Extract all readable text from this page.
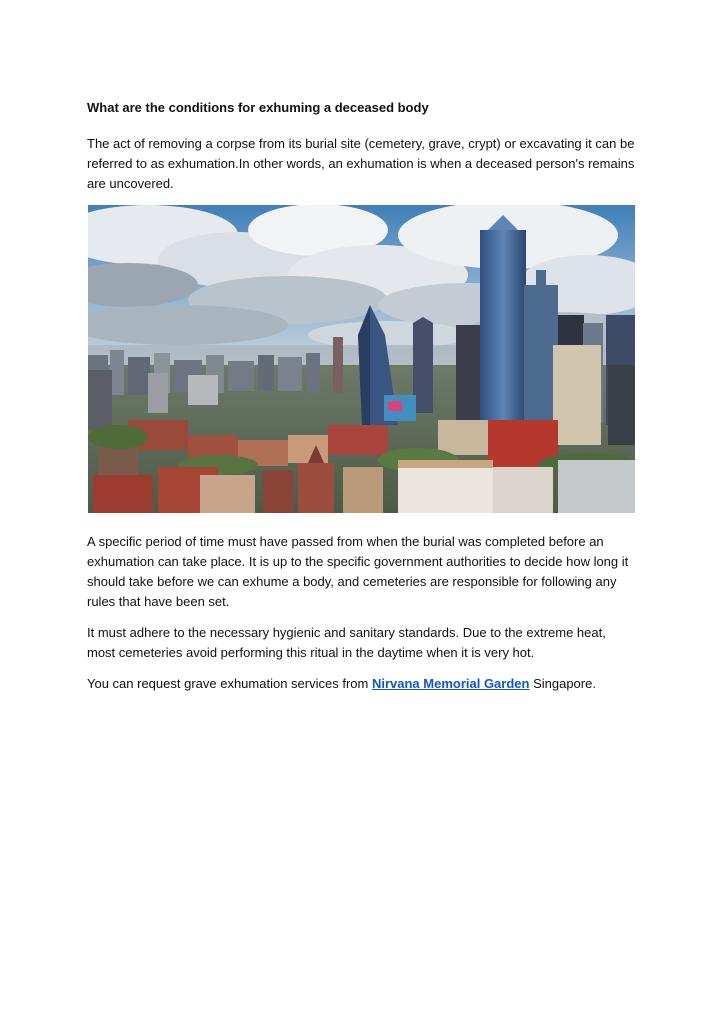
What are the conditions for exhuming a deceased body

The act of removing a corpse from its burial site (cemetery, grave, crypt) or excavating it can be referred to as exhumation.In other words, an exhumation is when a deceased person's remains are uncovered.

A specific period of time must have passed from when the burial was completed before an exhumation can take place. It is up to the specific government authorities to decide how long it should take before we can exhume a body, and cemeteries are responsible for following any rules that have been set.

It must adhere to the necessary hygienic and sanitary standards. Due to the extreme heat, most cemeteries avoid performing this ritual in the daytime when it is very hot.

You can request grave exhumation services from Nirvana Memorial Garden Singapore.
